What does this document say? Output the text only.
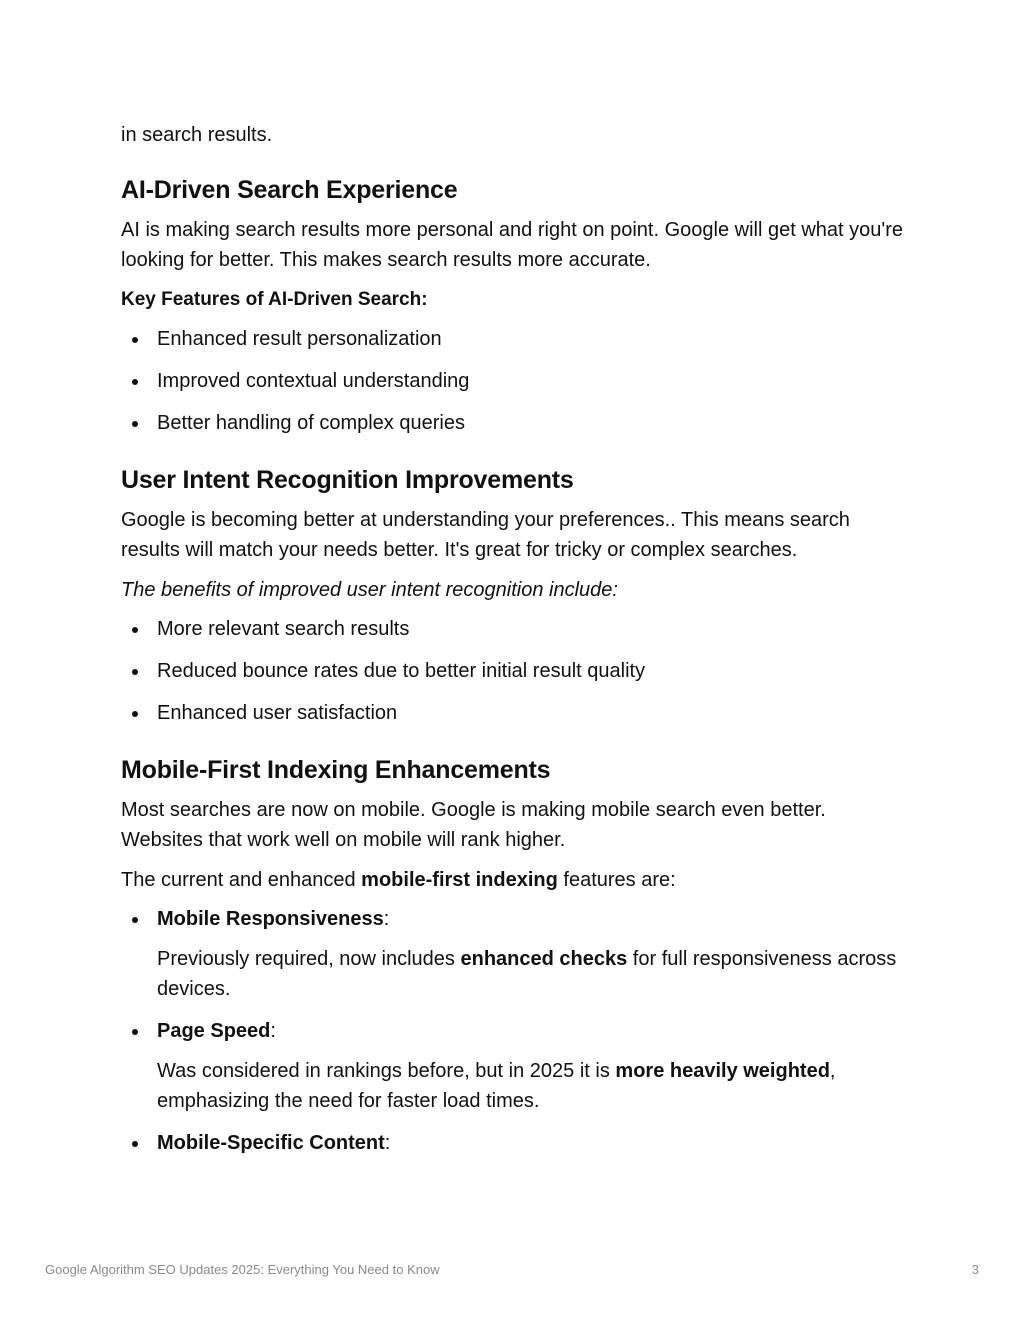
in search results.

AI-Driven Search Experience

AI is making search results more personal and right on point. Google will get what you're looking for better. This makes search results more accurate.

Key Features of AI-Driven Search:

Enhanced result personalization
Improved contextual understanding
Better handling of complex queries
User Intent Recognition Improvements

Google is becoming better at understanding your preferences.. This means search results will match your needs better. It's great for tricky or complex searches.

The benefits of improved user intent recognition include:

More relevant search results
Reduced bounce rates due to better initial result quality
Enhanced user satisfaction
Mobile-First Indexing Enhancements

Most searches are now on mobile. Google is making mobile search even better. Websites that work well on mobile will rank higher.

The current and enhanced mobile-first indexing features are:

Mobile Responsiveness:
Previously required, now includes enhanced checks for full responsiveness across devices.
Page Speed:
Was considered in rankings before, but in 2025 it is more heavily weighted, emphasizing the need for faster load times.
Mobile-Specific Content:
Google Algorithm SEO Updates 2025: Everything You Need to Know	3
